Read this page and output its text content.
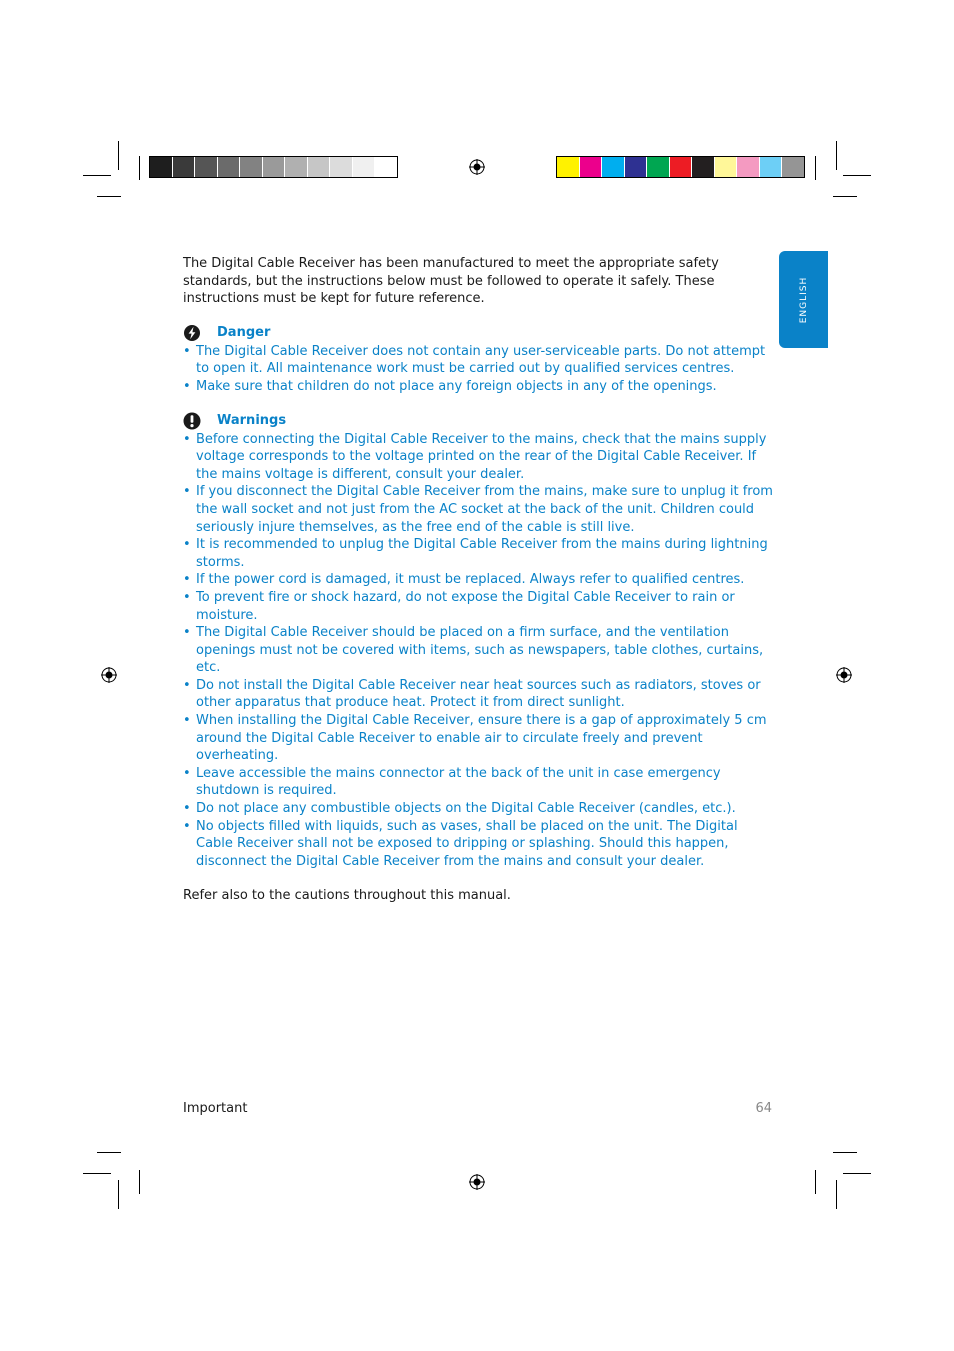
ENGLISH

The Digital Cable Receiver has been manufactured to meet the appropriate safety standards, but the instructions below must be followed to operate it safely. These instructions must be kept for future reference.

Danger
• The Digital Cable Receiver does not contain any user-serviceable parts. Do not attempt to open it. All maintenance work must be carried out by qualified services centres.
• Make sure that children do not place any foreign objects in any of the openings.
Warnings
• Before connecting the Digital Cable Receiver to the mains, check that the mains supply voltage corresponds to the voltage printed on the rear of the Digital Cable Receiver. If the mains voltage is different, consult your dealer.
• If you disconnect the Digital Cable Receiver from the mains, make sure to unplug it from the wall socket and not just from the AC socket at the back of the unit. Children could seriously injure themselves, as the free end of the cable is still live.
• It is recommended to unplug the Digital Cable Receiver from the mains during lightning storms.
• If the power cord is damaged, it must be replaced. Always refer to qualified centres.
• To prevent fire or shock hazard, do not expose the Digital Cable Receiver to rain or moisture.
• The Digital Cable Receiver should be placed on a firm surface, and the ventilation openings must not be covered with items, such as newspapers, table clothes, curtains, etc.
• Do not install the Digital Cable Receiver near heat sources such as radiators, stoves or other apparatus that produce heat. Protect it from direct sunlight.
• When installing the Digital Cable Receiver, ensure there is a gap of approximately 5 cm around the Digital Cable Receiver to enable air to circulate freely and prevent overheating.
• Leave accessible the mains connector at the back of the unit in case emergency shutdown is required.
• Do not place any combustible objects on the Digital Cable Receiver (candles, etc.).
• No objects filled with liquids, such as vases, shall be placed on the unit. The Digital Cable Receiver shall not be exposed to dripping or splashing. Should this happen, disconnect the Digital Cable Receiver from the mains and consult your dealer.

Refer also to the cautions throughout this manual.

Important	64
